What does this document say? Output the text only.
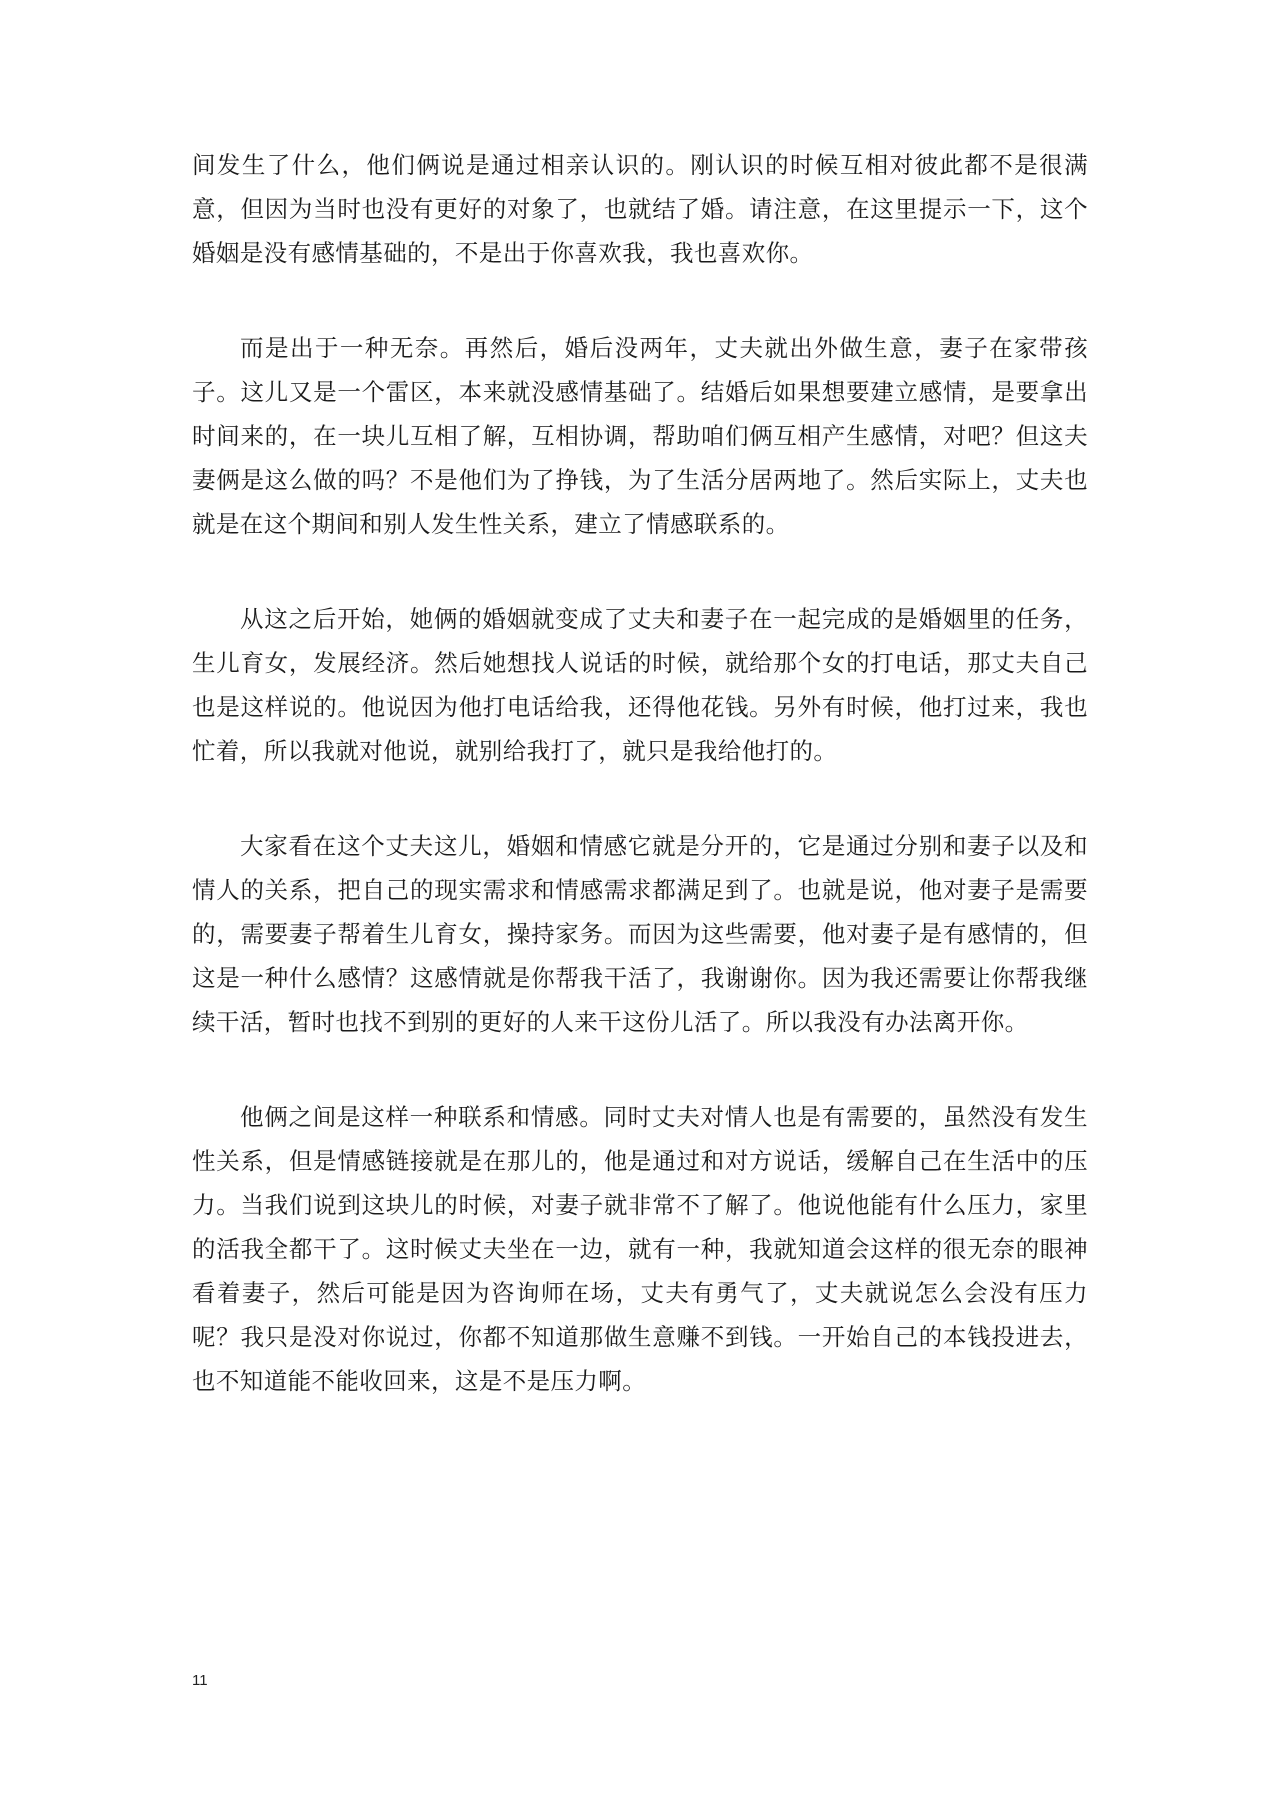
间发生了什么，他们俩说是通过相亲认识的。刚认识的时候互相对彼此都不是很满意，但因为当时也没有更好的对象了，也就结了婚。请注意，在这里提示一下，这个婚姻是没有感情基础的，不是出于你喜欢我，我也喜欢你。

而是出于一种无奈。再然后，婚后没两年，丈夫就出外做生意，妻子在家带孩子。这儿又是一个雷区，本来就没感情基础了。结婚后如果想要建立感情，是要拿出时间来的，在一块儿互相了解，互相协调，帮助咱们俩互相产生感情，对吧？但这夫妻俩是这么做的吗？不是他们为了挣钱，为了生活分居两地了。然后实际上，丈夫也就是在这个期间和别人发生性关系，建立了情感联系的。

从这之后开始，她俩的婚姻就变成了丈夫和妻子在一起完成的是婚姻里的任务，生儿育女，发展经济。然后她想找人说话的时候，就给那个女的打电话，那丈夫自己也是这样说的。他说因为他打电话给我，还得他花钱。另外有时候，他打过来，我也忙着，所以我就对他说，就别给我打了，就只是我给他打的。

大家看在这个丈夫这儿，婚姻和情感它就是分开的，它是通过分别和妻子以及和情人的关系，把自己的现实需求和情感需求都满足到了。也就是说，他对妻子是需要的，需要妻子帮着生儿育女，操持家务。而因为这些需要，他对妻子是有感情的，但这是一种什么感情？这感情就是你帮我干活了，我谢谢你。因为我还需要让你帮我继续干活，暂时也找不到别的更好的人来干这份儿活了。所以我没有办法离开你。

他俩之间是这样一种联系和情感。同时丈夫对情人也是有需要的，虽然没有发生性关系，但是情感链接就是在那儿的，他是通过和对方说话，缓解自己在生活中的压力。当我们说到这块儿的时候，对妻子就非常不了解了。他说他能有什么压力，家里的活我全都干了。这时候丈夫坐在一边，就有一种，我就知道会这样的很无奈的眼神看着妻子，然后可能是因为咨询师在场，丈夫有勇气了，丈夫就说怎么会没有压力呢？我只是没对你说过，你都不知道那做生意赚不到钱。一开始自己的本钱投进去，也不知道能不能收回来，这是不是压力啊。

11
